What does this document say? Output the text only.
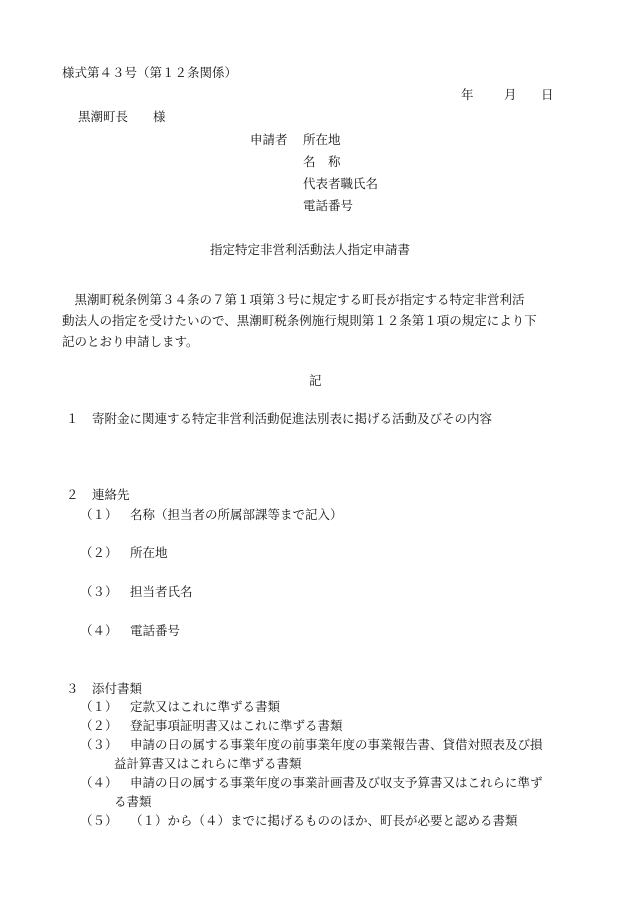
様式第４３号（第１２条関係）
年 月 日
黒潮町長　　様
申請者 所在地
名　称
代表者職氏名
電話番号
指定特定非営利活動法人指定申請書
　黒潮町税条例第３４条の７第１項第３号に規定する町長が指定する特定非営利活
動法人の指定を受けたいので、黒潮町税条例施行規則第１２条第１項の規定により下
記のとおり申請します。
記
１ 寄附金に関連する特定非営利活動促進法別表に掲げる活動及びその内容
２ 連絡先
（１） 名称（担当者の所属部課等まで記入）
（２） 所在地
（３） 担当者氏名
（４） 電話番号
３ 添付書類
（１） 定款又はこれに準ずる書類
（２） 登記事項証明書又はこれに準ずる書類
（３） 申請の日の属する事業年度の前事業年度の事業報告書、貸借対照表及び損
益計算書又はこれらに準ずる書類
（４） 申請の日の属する事業年度の事業計画書及び収支予算書又はこれらに準ず
る書類
（５） （１）から（４）までに掲げるもののほか、町長が必要と認める書類
